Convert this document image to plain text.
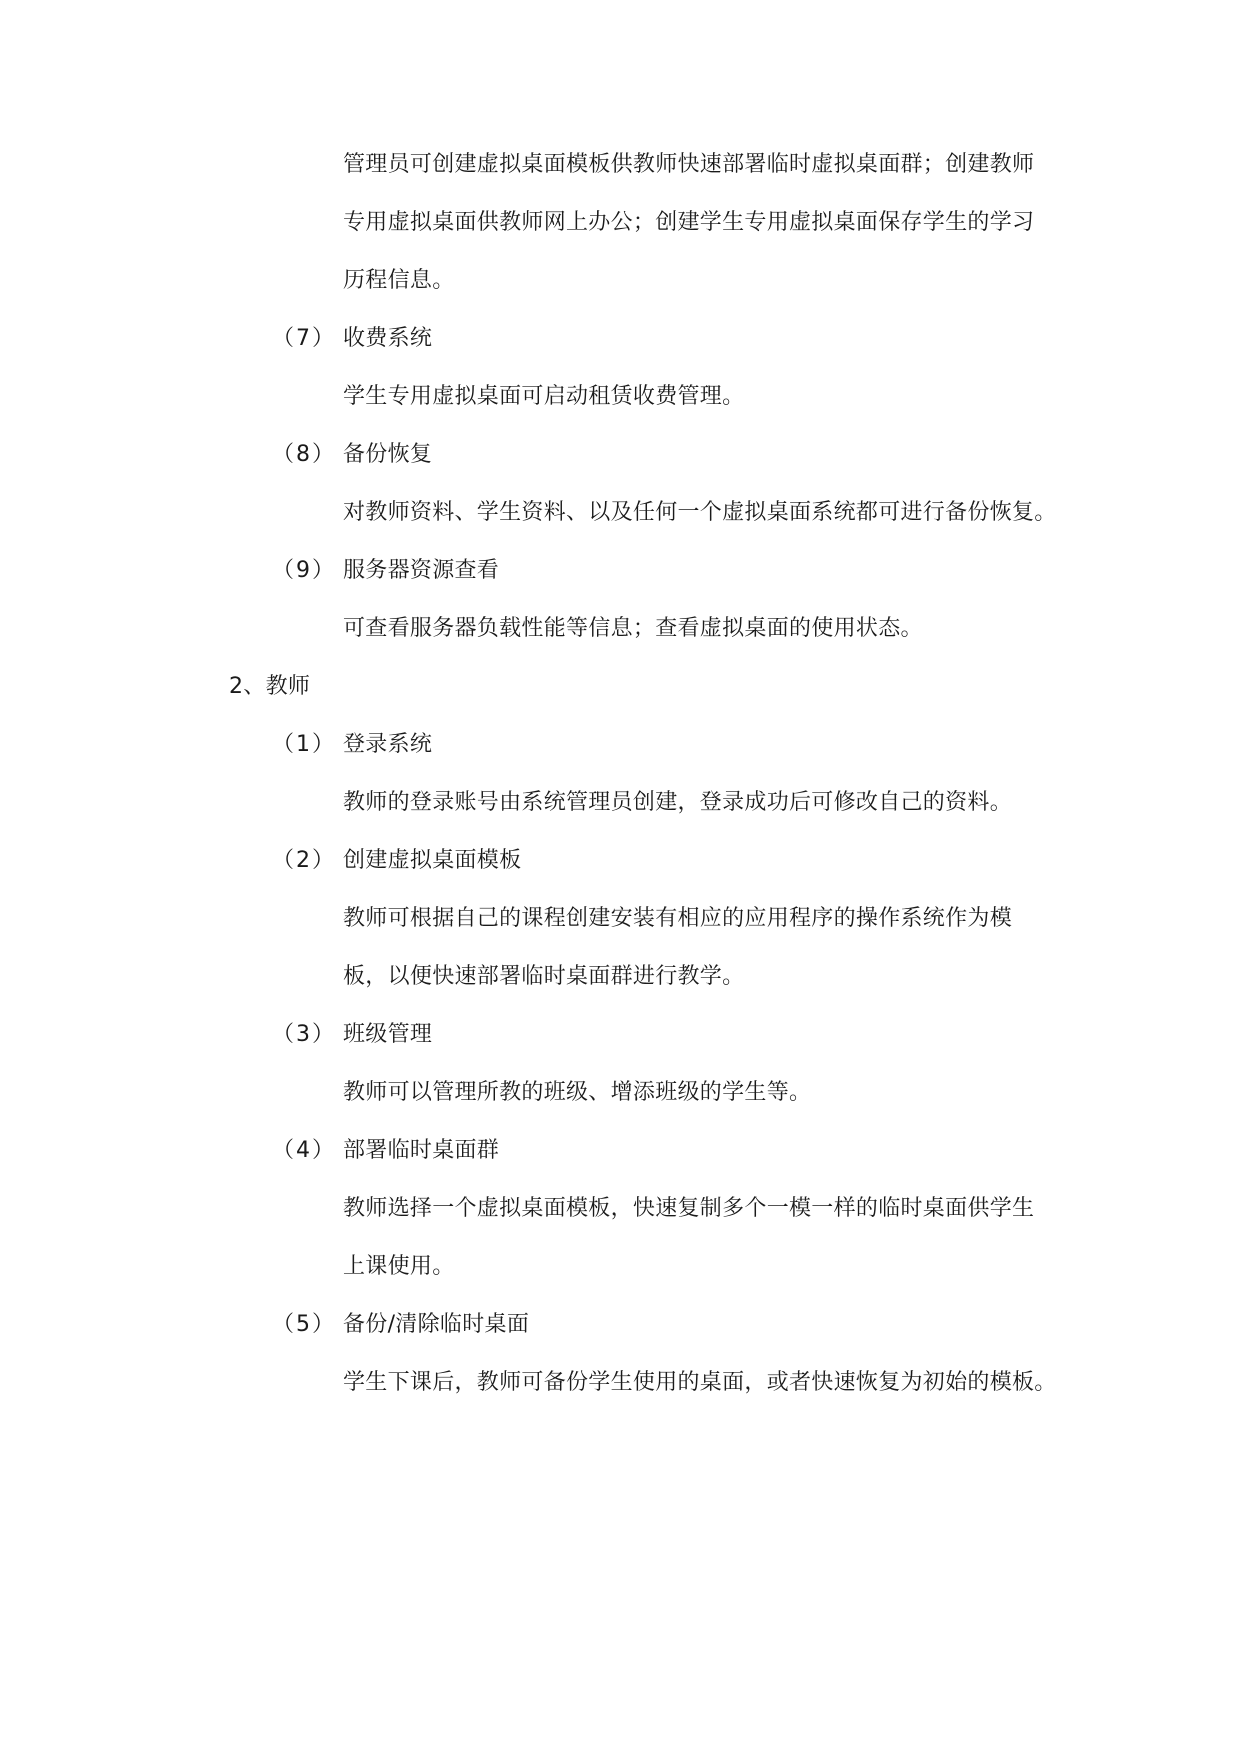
管理员可创建虚拟桌面模板供教师快速部署临时虚拟桌面群；创建教师
专用虚拟桌面供教师网上办公；创建学生专用虚拟桌面保存学生的学习
历程信息。
（7） 收费系统
学生专用虚拟桌面可启动租赁收费管理。
（8） 备份恢复
对教师资料、学生资料、以及任何一个虚拟桌面系统都可进行备份恢复。
（9） 服务器资源查看
可查看服务器负载性能等信息；查看虚拟桌面的使用状态。
2、教师
（1） 登录系统
教师的登录账号由系统管理员创建，登录成功后可修改自己的资料。
（2） 创建虚拟桌面模板
教师可根据自己的课程创建安装有相应的应用程序的操作系统作为模
板，以便快速部署临时桌面群进行教学。
（3） 班级管理
教师可以管理所教的班级、增添班级的学生等。
（4） 部署临时桌面群
教师选择一个虚拟桌面模板，快速复制多个一模一样的临时桌面供学生
上课使用。
（5） 备份/清除临时桌面
学生下课后，教师可备份学生使用的桌面，或者快速恢复为初始的模板。
